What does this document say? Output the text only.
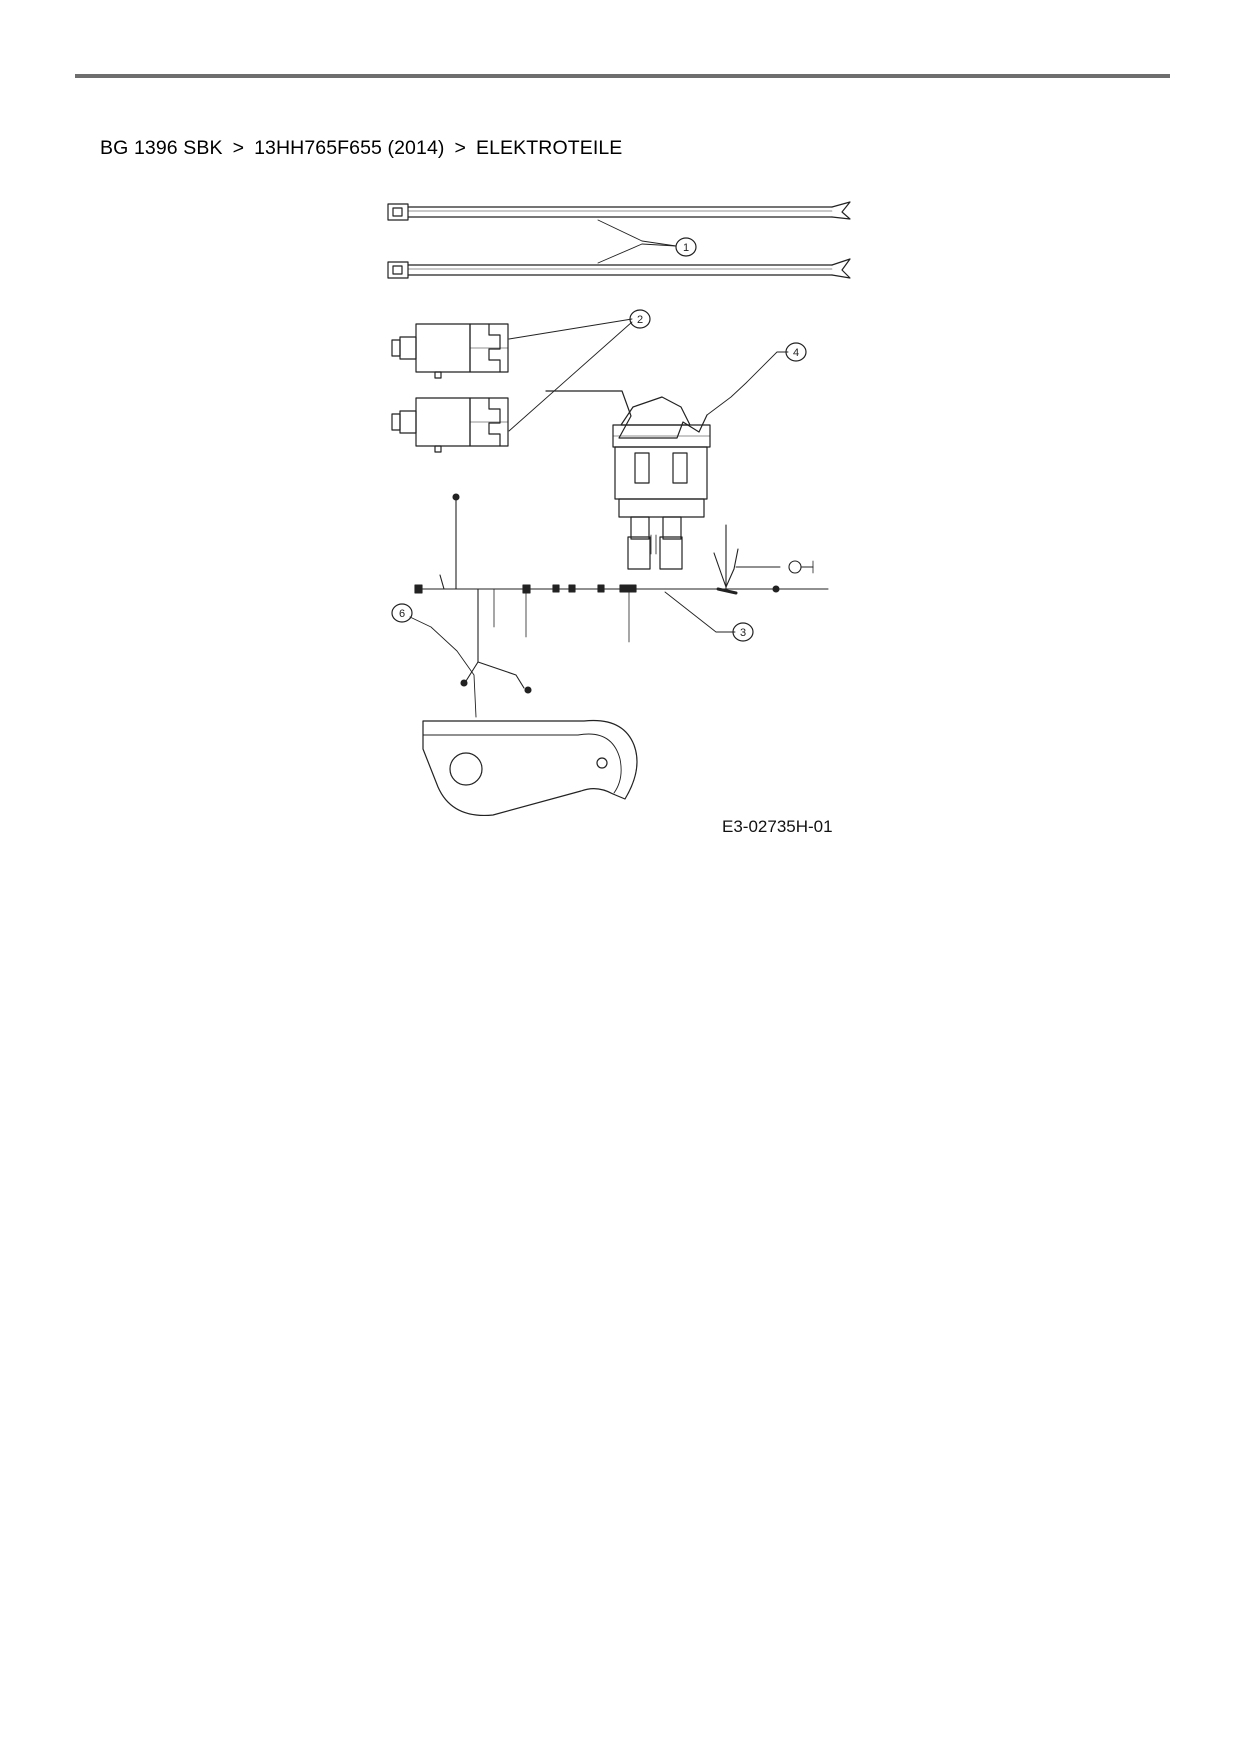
BG 1396 SBK > 13HH765F655 (2014) > ELEKTROTEILE

1
2
4
3
6
E3-02735H-01
